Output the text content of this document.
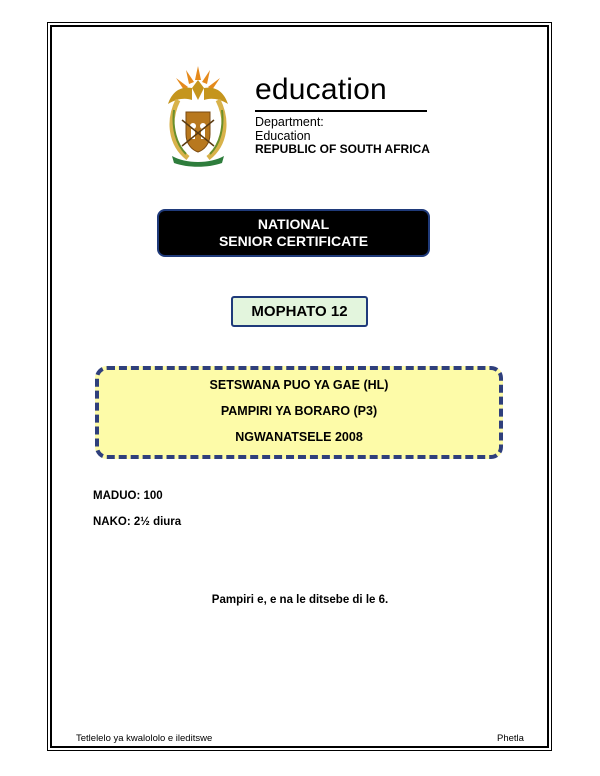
education
Department:
Education
REPUBLIC OF SOUTH AFRICA
NATIONAL
SENIOR CERTIFICATE
MOPHATO 12
SETSWANA PUO YA GAE (HL)
PAMPIRI YA BORARO (P3)
NGWANATSELE 2008
MADUO: 100
NAKO: 2½ diura
Pampiri e, e na le ditsebe di le 6.
Tetlelelo ya kwalololo e ileditswe	Phetla
